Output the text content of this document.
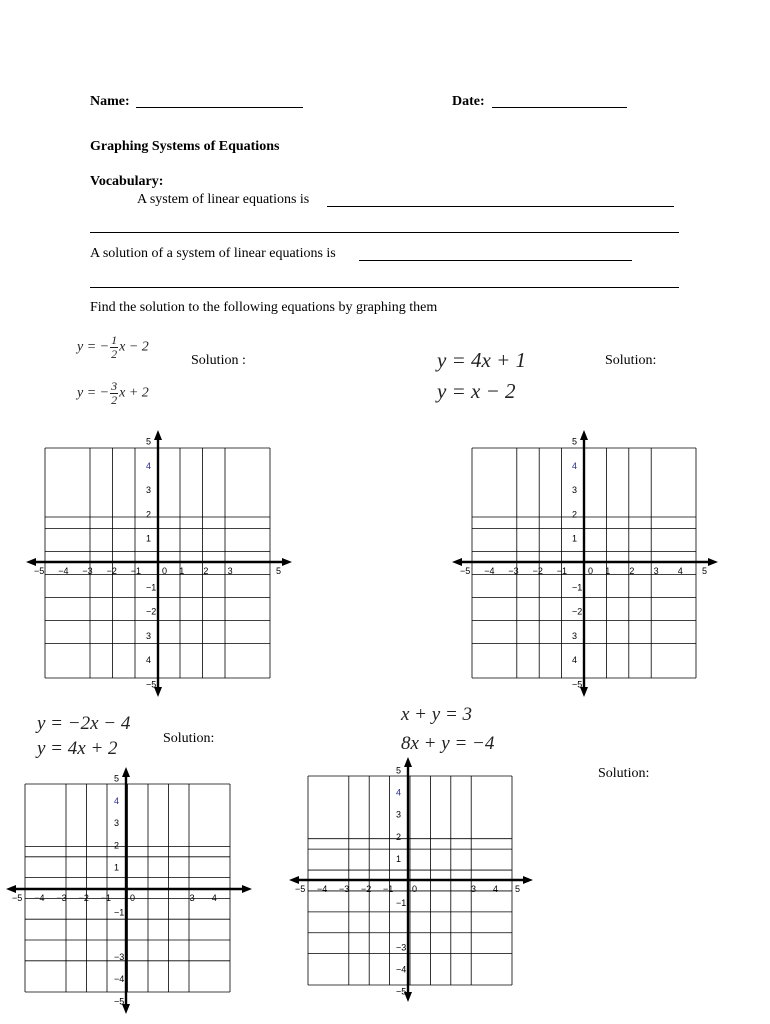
Name:	Date:
Graphing Systems of Equations
Vocabulary:
A system of linear equations is
A solution of a system of linear equations is
Find the solution to the following equations by graphing them
y = − $\frac{1}{2}$ x − 2
y = − $\frac{3}{2}$ x + 2
Solution :	y = 4x + 1
y = x − 2
Solution:
y = −2x − 4
y = 4x + 2	Solution:
x + y = 3
8x + y = −4
Solution:
−5 −4 −3 −2 −1 0 1 2 3	5
5
4
3
2
1
−1
−2
3
4
−5
−5 −4 −3 −2 −1 0 1 2 3 4 5
5
4
3
2
1
−1
−2
3
4
−5
−5 −4 −3 −2 −1 0	3 4
5
4
3
1
−1
2
−3
−4
−5
−5 −4 −3 −2 −1 0	3 4 5
5
4
3
1
−1
2
−3
−4
−5
